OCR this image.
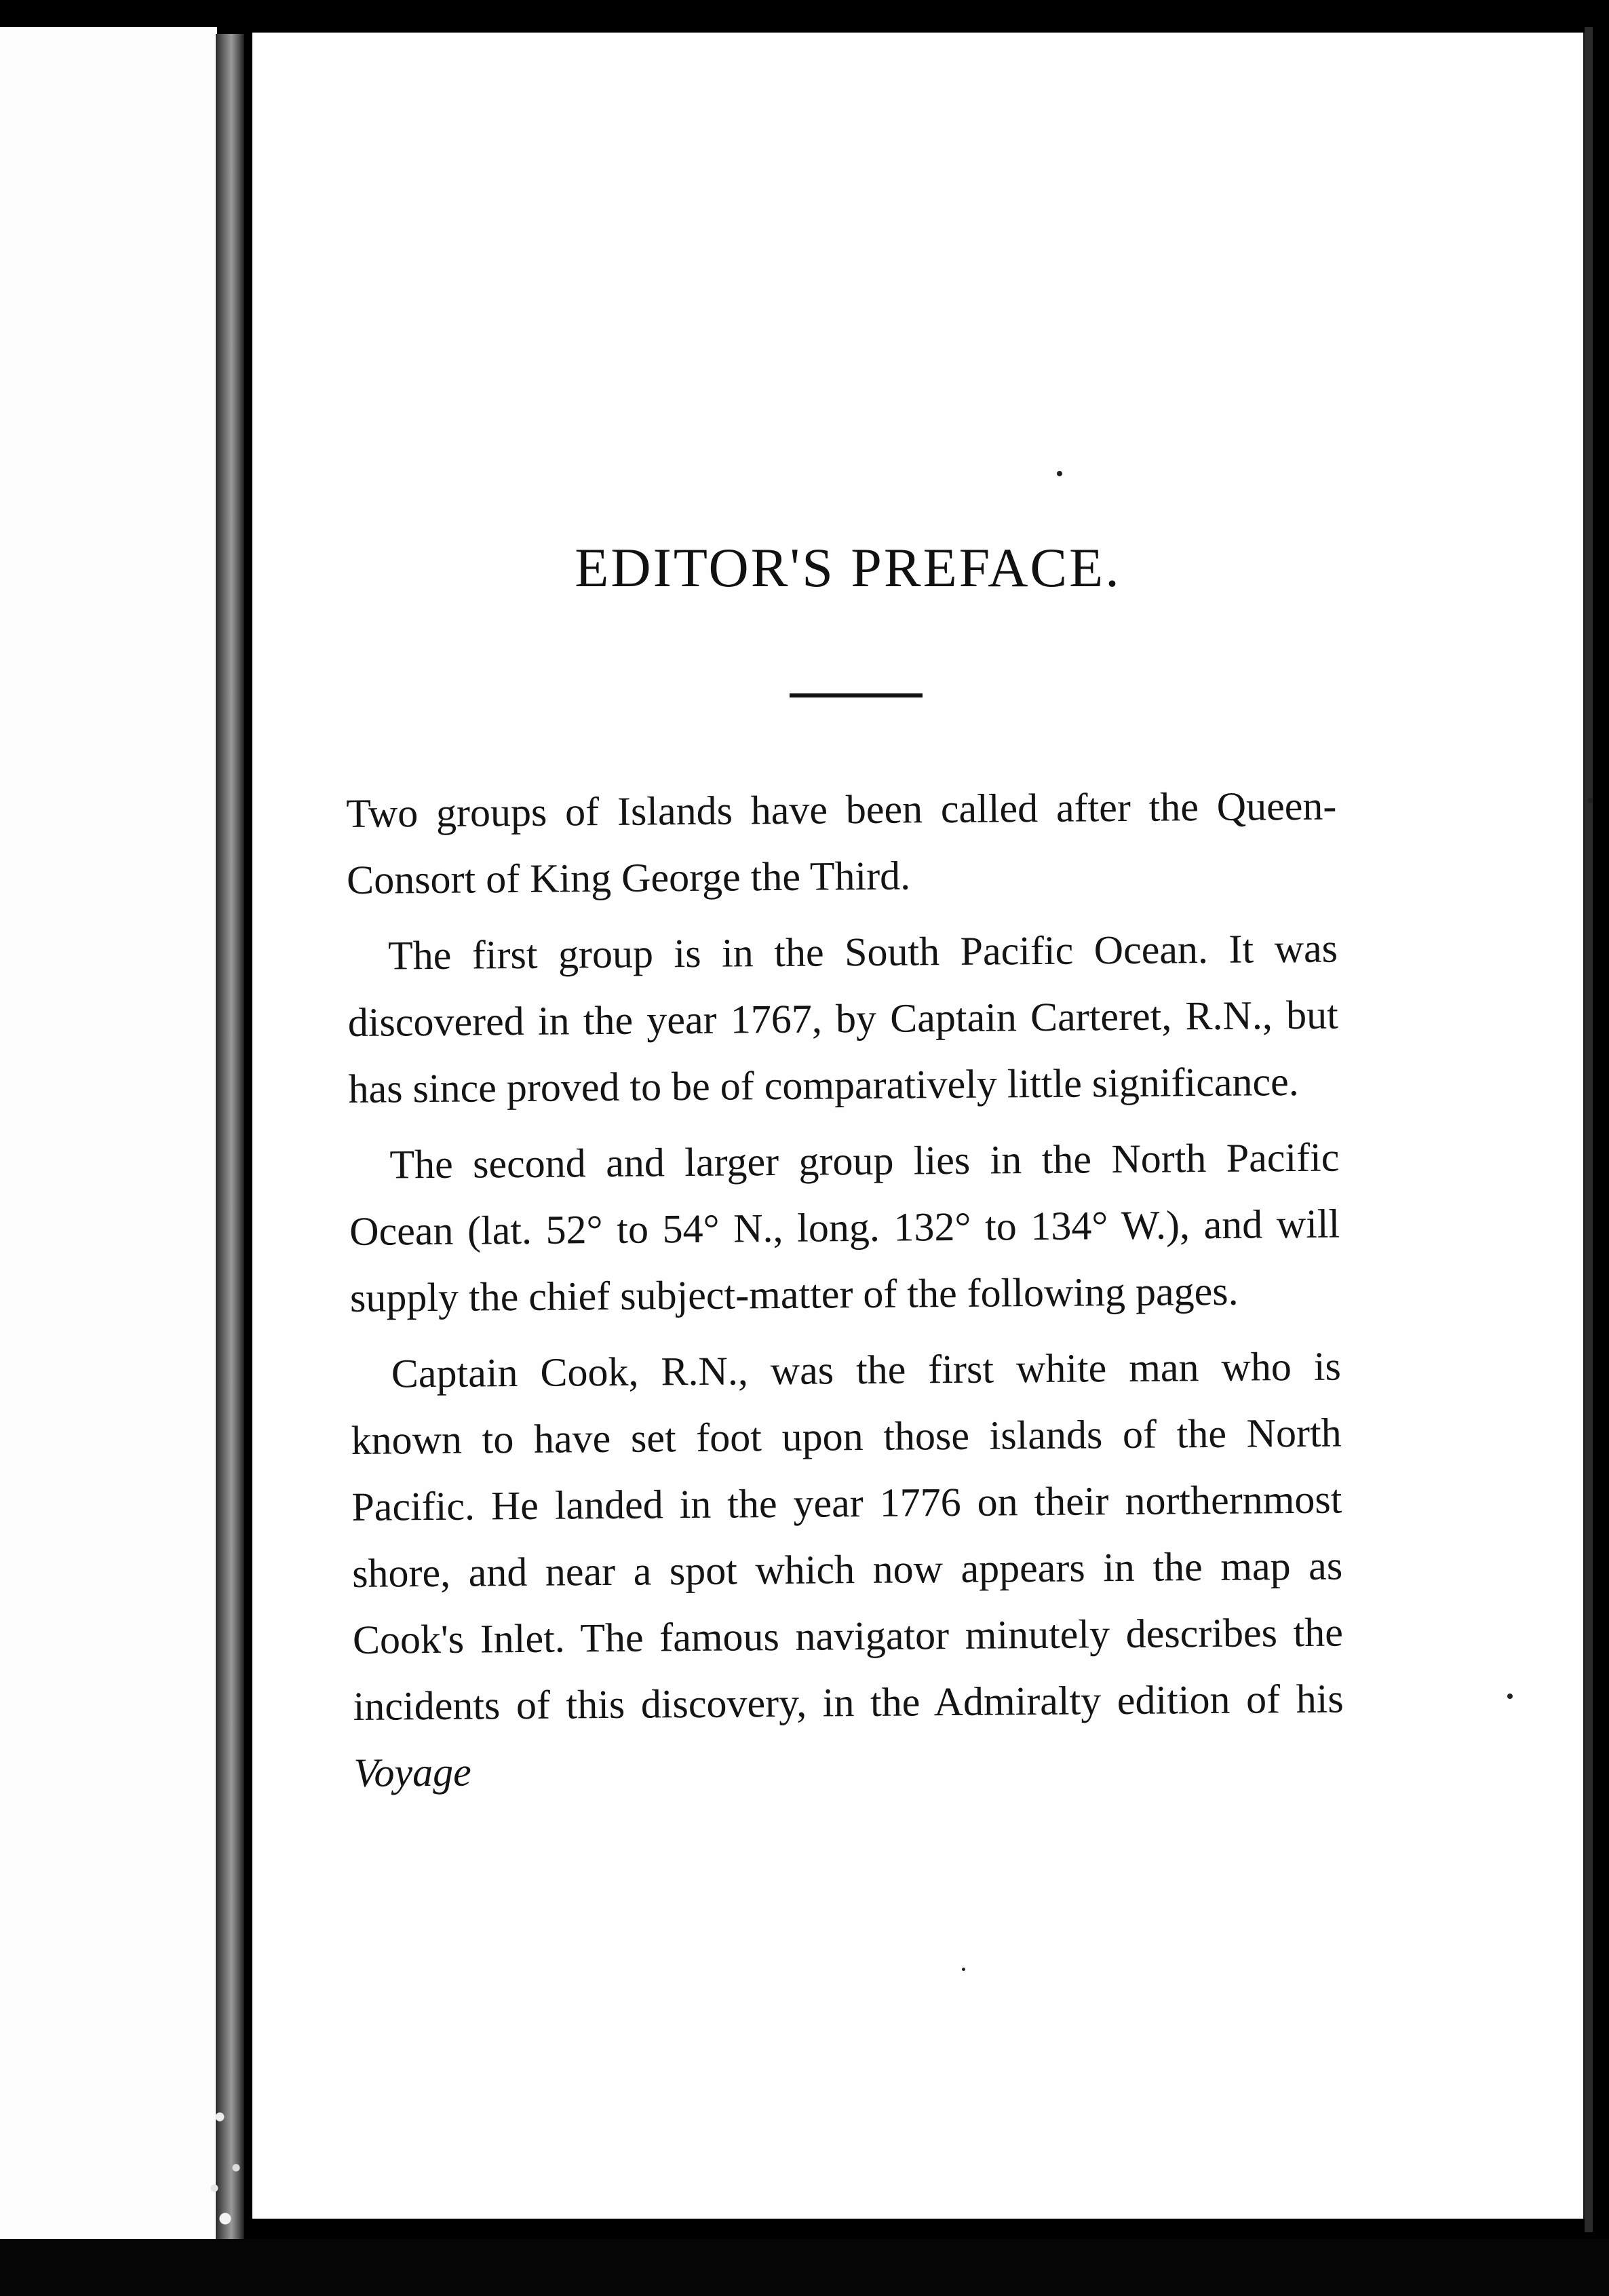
EDITOR'S PREFACE.

Two groups of Islands have been called after the Queen-Consort of King George the Third.

The first group is in the South Pacific Ocean. It was discovered in the year 1767, by Captain Carteret, R.N., but has since proved to be of comparatively little significance.

The second and larger group lies in the North Pacific Ocean (lat. 52° to 54° N., long. 132° to 134° W.), and will supply the chief subject-matter of the following pages.

Captain Cook, R.N., was the first white man who is known to have set foot upon those islands of the North Pacific. He landed in the year 1776 on their northernmost shore, and near a spot which now appears in the map as Cook's Inlet. The famous navigator minutely describes the incidents of this discovery, in the Admiralty edition of his Voyage
